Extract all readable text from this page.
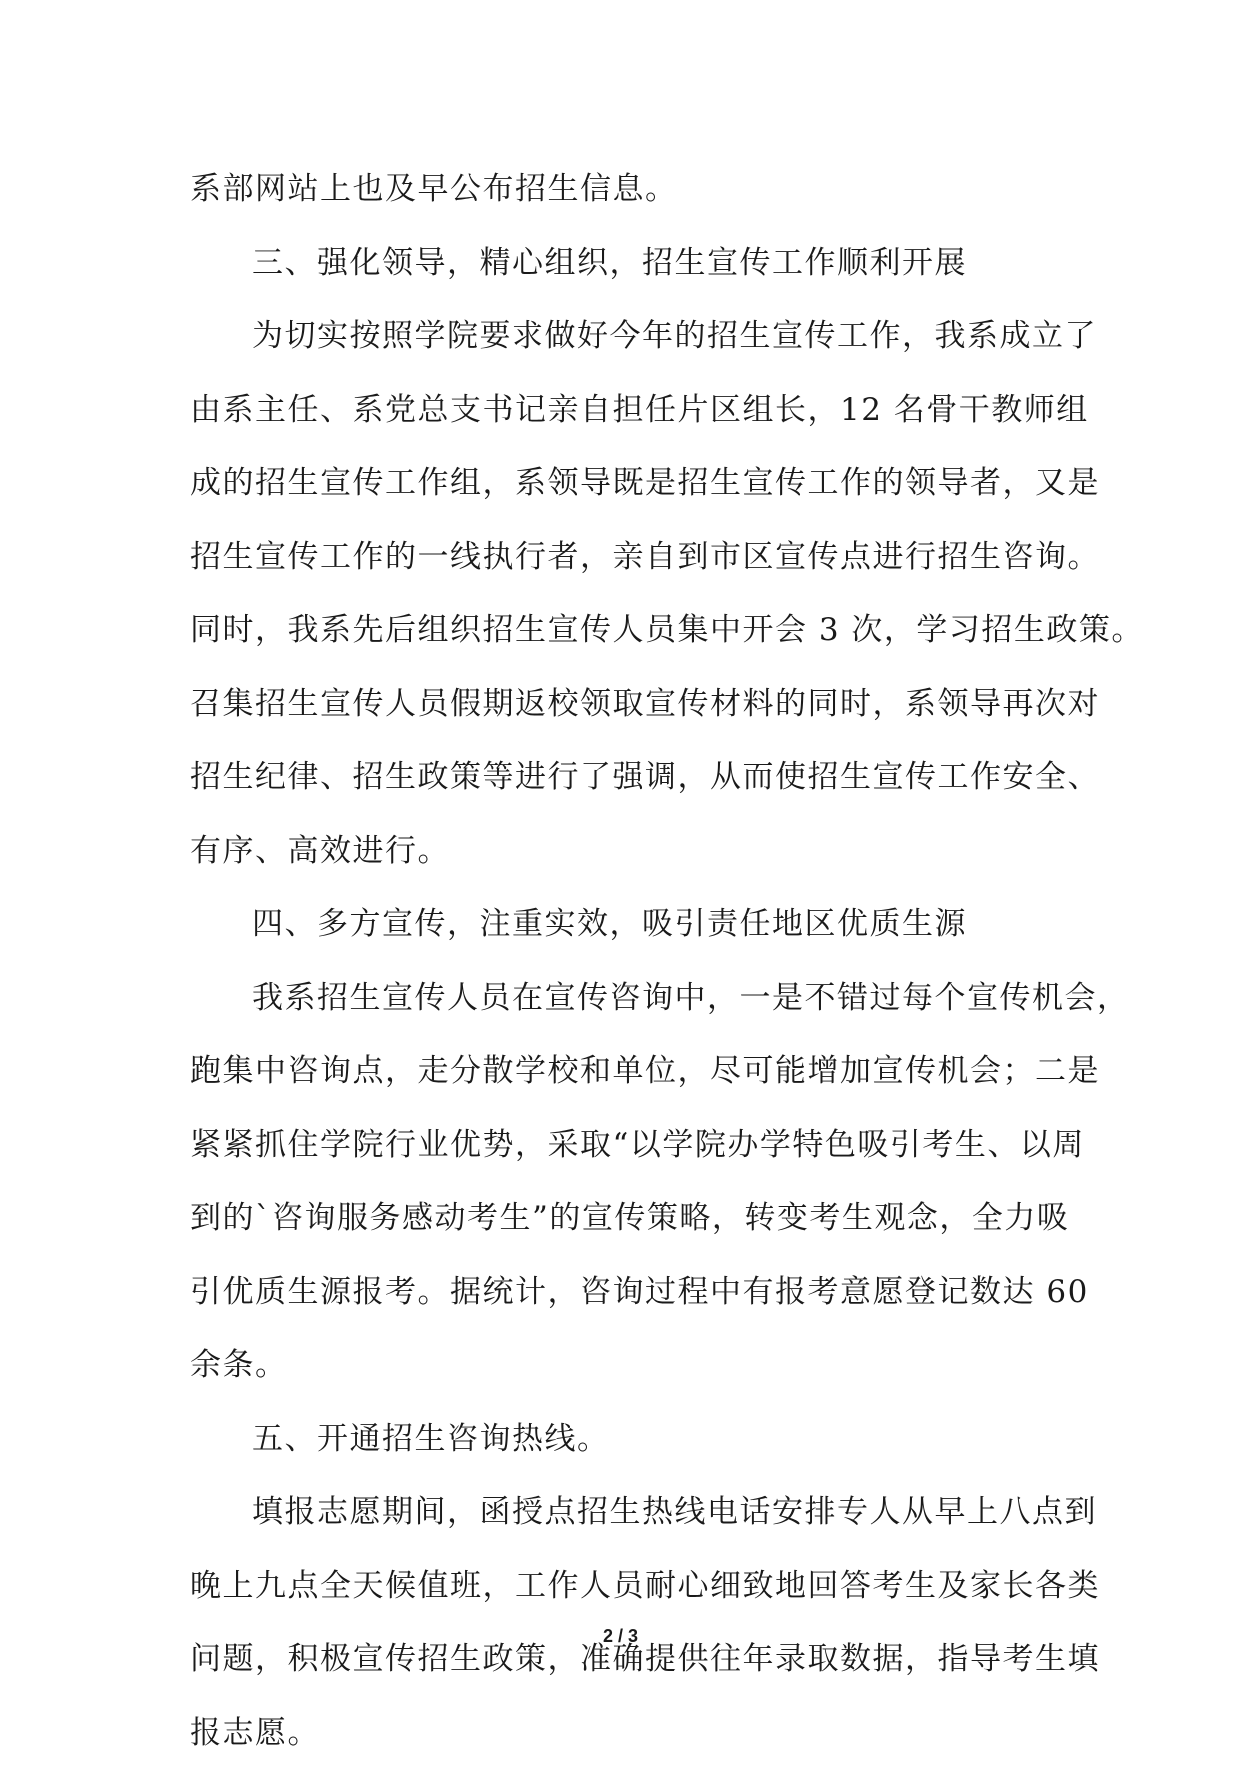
系部网站上也及早公布招生信息。
三、强化领导，精心组织，招生宣传工作顺利开展
为切实按照学院要求做好今年的招生宣传工作，我系成立了
由系主任、系党总支书记亲自担任片区组长，12 名骨干教师组
成的招生宣传工作组，系领导既是招生宣传工作的领导者，又是
招生宣传工作的一线执行者，亲自到市区宣传点进行招生咨询。
同时，我系先后组织招生宣传人员集中开会 3 次，学习招生政策。
召集招生宣传人员假期返校领取宣传材料的同时，系领导再次对
招生纪律、招生政策等进行了强调，从而使招生宣传工作安全、
有序、高效进行。
四、多方宣传，注重实效，吸引责任地区优质生源
我系招生宣传人员在宣传咨询中，一是不错过每个宣传机会，
跑集中咨询点，走分散学校和单位，尽可能增加宣传机会；二是
紧紧抓住学院行业优势，采取“以学院办学特色吸引考生、以周
到的`咨询服务感动考生”的宣传策略，转变考生观念，全力吸
引优质生源报考。据统计，咨询过程中有报考意愿登记数达 60
余条。
五、开通招生咨询热线。
填报志愿期间，函授点招生热线电话安排专人从早上八点到
晚上九点全天候值班，工作人员耐心细致地回答考生及家长各类
问题，积极宣传招生政策，准确提供往年录取数据，指导考生填
报志愿。
2 / 3
